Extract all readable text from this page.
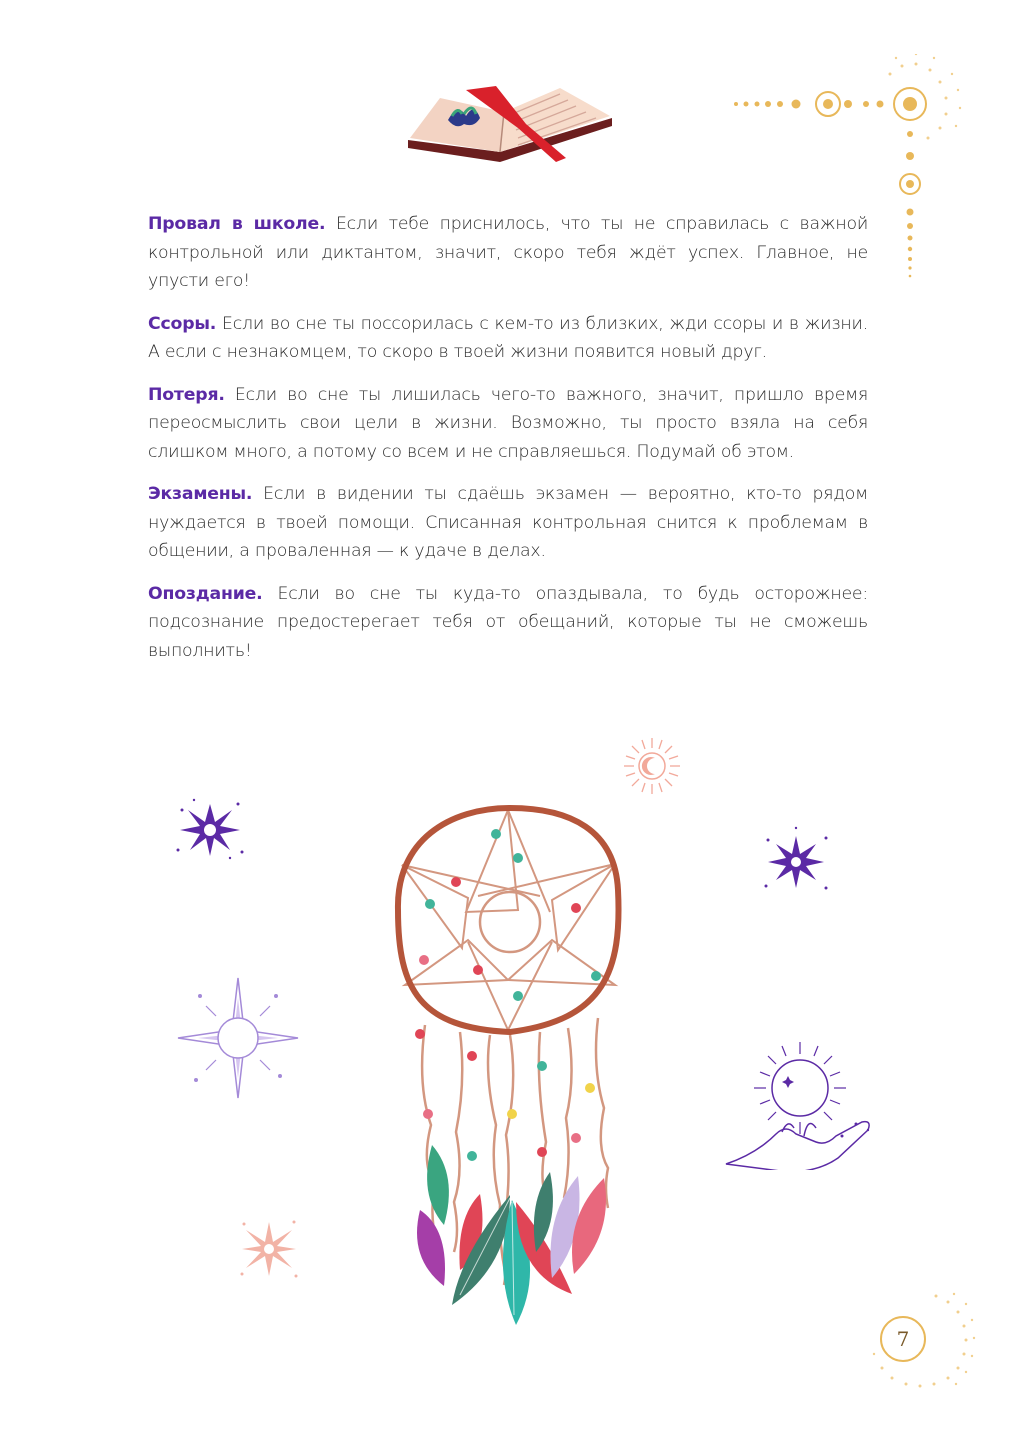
Провал в школе. Если тебе приснилось, что ты не справилась с важной контрольной или диктантом, значит, скоро тебя ждёт успех. Главное, не упусти его!

Ссоры. Если во сне ты поссорилась с кем-то из близких, жди ссоры и в жизни. А если с незнакомцем, то скоро в твоей жизни появится новый друг.

Потеря. Если во сне ты лишилась чего-то важного, значит, пришло время переосмыслить свои цели в жизни. Возможно, ты просто взяла на себя слишком много, а потому со всем и не справляешься. Подумай об этом.

Экзамены. Если в видении ты сдаёшь экзамен — вероятно, кто-то рядом нуждается в твоей помощи. Списанная контрольная снится к проблемам в общении, а проваленная — к удаче в делах.

Опоздание. Если во сне ты куда-то опаздывала, то будь осторожнее: подсознание предостерегает тебя от обещаний, которые ты не сможешь выполнить!

7
